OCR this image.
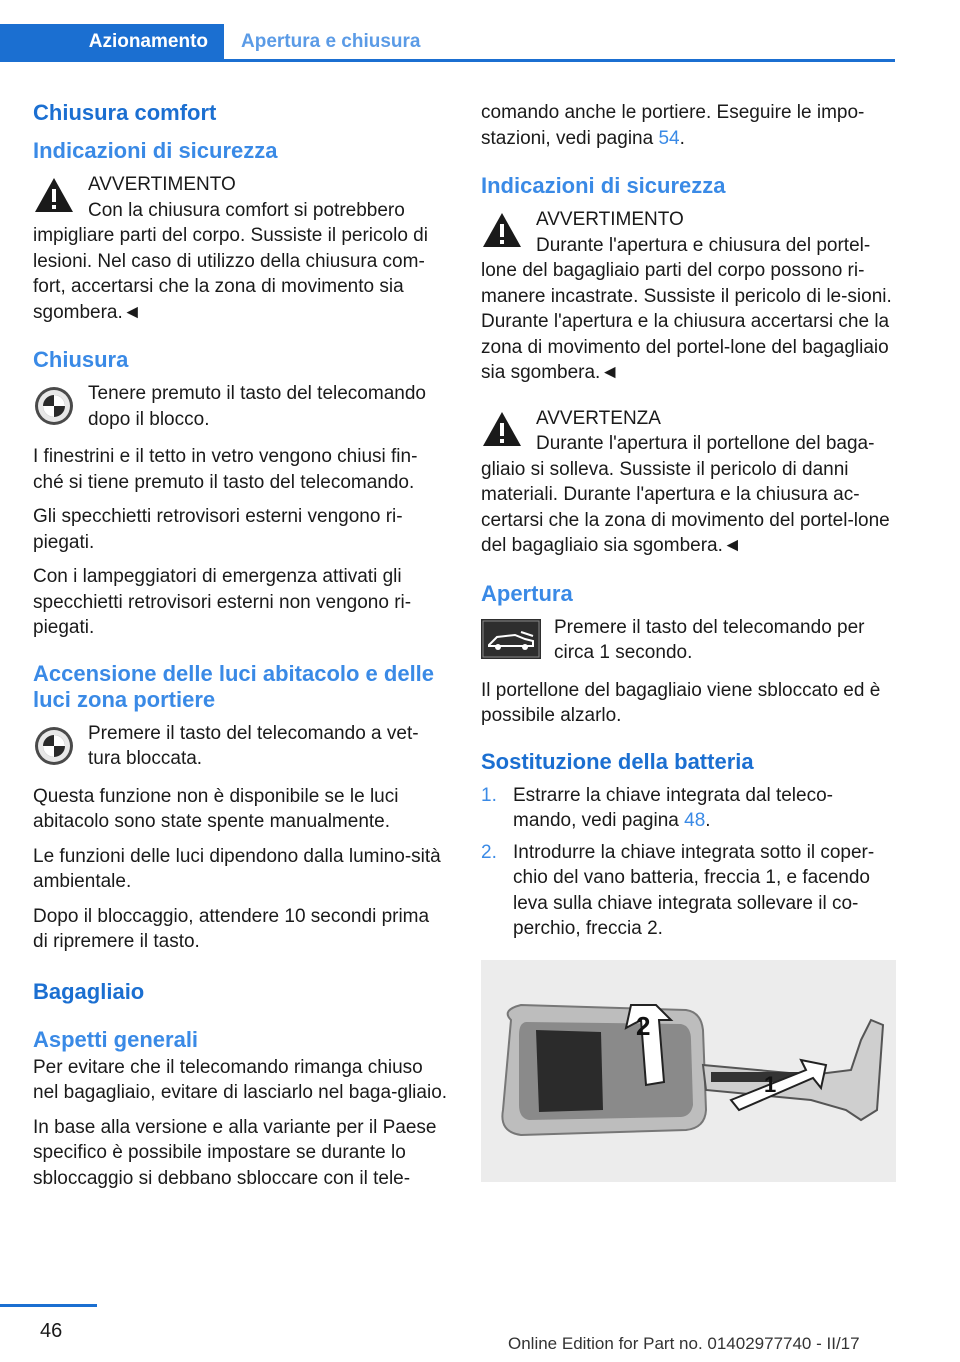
Azionamento	Apertura e chiusura
Chiusura comfort
Indicazioni di sicurezza

AVVERTIMENTO

Con la chiusura comfort si potrebbero impigliare parti del corpo. Sussiste il pericolo di lesioni. Nel caso di utilizzo della chiusura com-fort, accertarsi che la zona di movimento sia sgombera.◄

Chiusura

Tenere premuto il tasto del telecomando dopo il blocco.

I finestrini e il tetto in vetro vengono chiusi fin-ché si tiene premuto il tasto del telecomando.

Gli specchietti retrovisori esterni vengono ri-piegati.

Con i lampeggiatori di emergenza attivati gli specchietti retrovisori esterni non vengono ri-piegati.

Accensione delle luci abitacolo e delle luci zona portiere

Premere il tasto del telecomando a vet-tura bloccata.

Questa funzione non è disponibile se le luci abitacolo sono state spente manualmente.

Le funzioni delle luci dipendono dalla lumino-sità ambientale.

Dopo il bloccaggio, attendere 10 secondi prima di ripremere il tasto.

Bagagliaio
Aspetti generali

Per evitare che il telecomando rimanga chiuso nel bagagliaio, evitare di lasciarlo nel baga-gliaio.

In base alla versione e alla variante per il Paese specifico è possibile impostare se durante lo sbloccaggio si debbano sbloccare con il tele-

comando anche le portiere. Eseguire le impo-stazioni, vedi pagina 54.

Indicazioni di sicurezza

AVVERTIMENTO

Durante l'apertura e chiusura del portel-lone del bagagliaio parti del corpo possono ri-manere incastrate. Sussiste il pericolo di le-sioni. Durante l'apertura e la chiusura accertarsi che la zona di movimento del portel-lone del bagagliaio sia sgombera.◄

AVVERTENZA

Durante l'apertura il portellone del baga-gliaio si solleva. Sussiste il pericolo di danni materiali. Durante l'apertura e la chiusura ac-certarsi che la zona di movimento del portel-lone del bagagliaio sia sgombera.◄

Apertura

Premere il tasto del telecomando per circa 1 secondo.

Il portellone del bagagliaio viene sbloccato ed è possibile alzarlo.

Sostituzione della batteria
1. Estrarre la chiave integrata dal teleco-mando, vedi pagina 48.
2. Introdurre la chiave integrata sotto il coper-chio del vano batteria, freccia 1, e facendo leva sulla chiave integrata sollevare il co-perchio, freccia 2.
2
1
46
Online Edition for Part no. 01402977740 - II/17
